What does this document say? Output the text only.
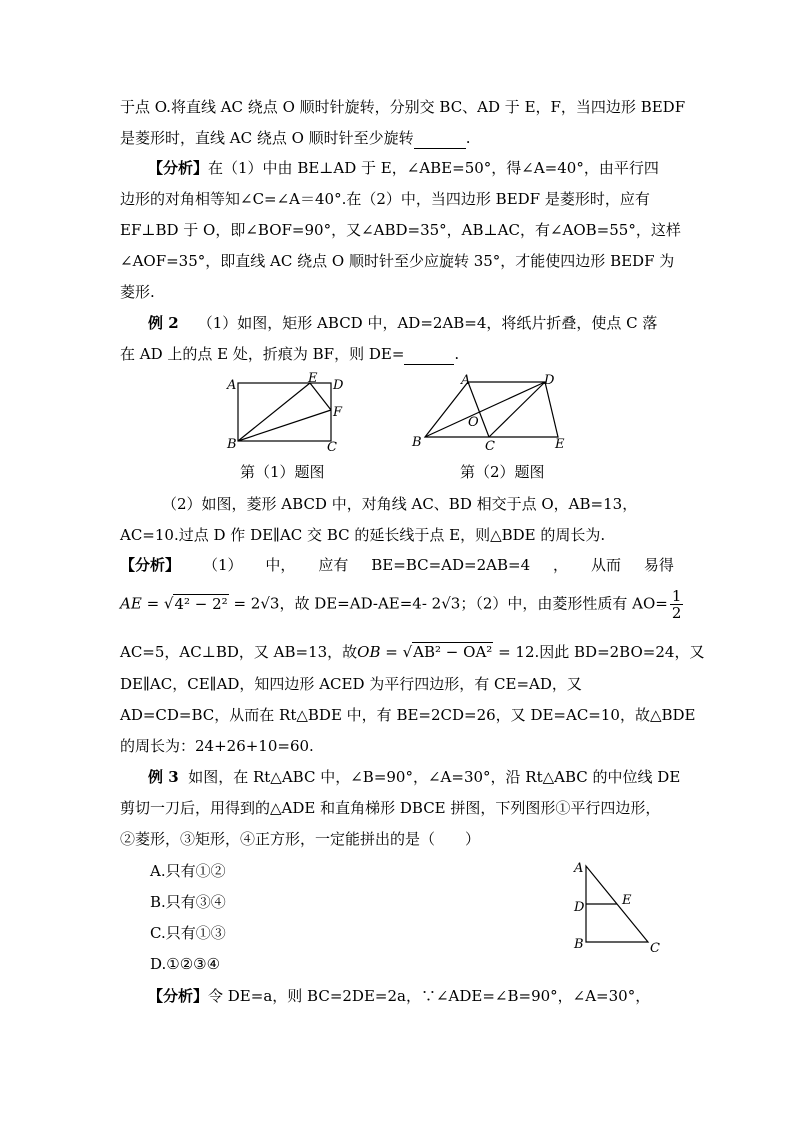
于点 O.将直线 AC 绕点 O 顺时针旋转，分别交 BC、AD 于 E，F，当四边形 BEDF
是菱形时，直线 AC 绕点 O 顺时针至少旋转	.
【分析】在（1）中由 BE⊥AD 于 E，∠ABE=50°，得∠A=40°，由平行四
边形的对角相等知∠C=∠A＝40°.在（2）中，当四边形 BEDF 是菱形时，应有
EF⊥BD 于 O，即∠BOF=90°，又∠ABD=35°，AB⊥AC，有∠AOB=55°，这样
∠AOF=35°，即直线 AC 绕点 O 顺时针至少应旋转 35°，才能使四边形 BEDF 为
菱形.
例 2 （1）如图，矩形 ABCD 中，AD=2AB=4，将纸片折叠，使点 C 落
在 AD 上的点 E 处，折痕为 BF，则 DE=	.
A
B	C
D
E
F
A
B	C
D
E
O
第（1）题图	第（2）题图
（2）如图，菱形 ABCD 中，对角线 AC、BD 相交于点 O，AB=13，
AC=10.过点 D 作 DE∥AC 交 BC 的延长线于点 E，则△BDE 的周长为.
【分析】 （1） 中， 应有 BE=BC=AD=2AB=4 ， 从而 易得
AE = √4² − 2² = 2√3，故 DE=AD-AE=4- 2√3；（2）中，由菱形性质有 $AO= \frac{1}{2}$
AC=5，AC⊥BD，又 AB=13，故OB = √AB² − OA² = 12.因此 BD=2BO=24，又
DE∥AC，CE∥AD，知四边形 ACED 为平行四边形，有 CE=AD，又
AD=CD=BC，从而在 Rt△BDE 中，有 BE=2CD=26，又 DE=AC=10，故△BDE
的周长为：24+26+10=60.
例 3 如图，在 Rt△ABC 中，∠B=90°，∠A=30°，沿 Rt△ABC 的中位线 DE
剪切一刀后，用得到的△ADE 和直角梯形 DBCE 拼图，下列图形①平行四边形，
②菱形，③矩形，④正方形，一定能拼出的是（　　）
A.只有①②
B.只有③④
C.只有①③
D.①②③④
A
D
B	C
E
【分析】令 DE=a，则 BC=2DE=2a，∵∠ADE=∠B=90°，∠A=30°，
